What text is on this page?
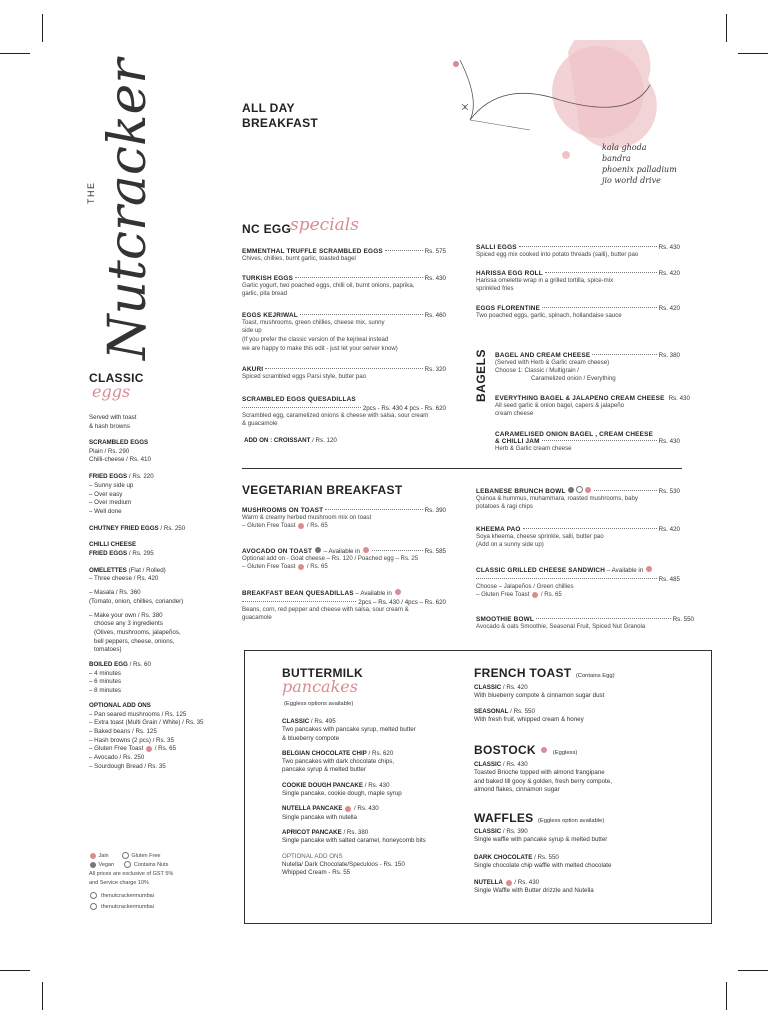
THE Nutcracker	kala ghoda
bandra
phoenix palladium
jio world drive
ALL DAY
BREAKFAST
NC EGG
specials
EMMENTHAL TRUFFLE SCRAMBLED EGGS	Rs. 575
Chives, chillies, burnt garlic, toasted bagel
TURKISH EGGS	Rs. 430
Garlic yogurt, two poached eggs, chilli oil, burnt onions, paprika, garlic, pita bread
EGGS KEJRIWAL	Rs. 460
Toast, mushrooms, green chillies, cheese mix, sunny side up
(If you prefer the classic version of the kejriwal instead
we are happy to make this edit - just let your server know)
AKURI	Rs. 320
Spiced scrambled eggs Parsi style, butter pao
SCRAMBLED EGGS QUESADILLAS
2pcs - Rs. 430 4 pcs - Rs. 620
Scrambled egg, caramelized onions & cheese with salsa, sour cream & guacamole
ADD ON : CROISSANT / Rs. 120
SALLI EGGS	Rs. 430
Spiced egg mix cooked into potato threads (salli), butter pao
HARISSA EGG ROLL	Rs. 420
Harissa omelette wrap in a grilled tortilla, spice-mix sprinkled fries
EGGS FLORENTINE	Rs. 420
Two poached eggs, garlic, spinach, hollandaise sauce
BAGELS BAGEL AND CREAM CHEESE	Rs. 380
(Served with Herb & Garlic cream cheese)
Choose 1: Classic / Multigrain /
Caramelized onion / Everything
EVERYTHING BAGEL & JALAPENO CREAM CHEESE Rs. 430
All seed garlic & onion bagel, capers & jalapeño
cream cheese
CARAMELISED ONION BAGEL , CREAM CHEESE
& CHILLI JAM	Rs. 430
Herb & Garlic cream cheese
CLASSIC
eggs
Served with toast
& hash browns
SCRAMBLED EGGS
Plain / Rs. 290
Chilli-cheese / Rs. 410
FRIED EGGS / Rs. 220
– Sunny side up
– Over easy
– Over medium
– Well done
CHUTNEY FRIED EGGS / Rs. 250
CHILLI CHEESE
FRIED EGGS / Rs. 295
OMELETTES (Flat / Rolled)
– Three cheese / Rs. 420
– Masala / Rs. 360
(Tomato, onion, chillies, coriander)
– Make your own / Rs. 380
choose any 3 ingredients
(Olives, mushrooms, jalapeños,
bell peppers, cheese, onions,
tomatoes)
BOILED EGG / Rs. 60
– 4 minutes
– 6 minutes
– 8 minutes
OPTIONAL ADD ONS
– Pan seared mushrooms / Rs. 125
– Extra toast (Multi Grain / White) / Rs. 35
– Baked beans / Rs. 125
– Hash browns (2 pcs) / Rs. 35
– Gluten Free Toast / Rs. 65
– Avocado / Rs. 250
– Sourdough Bread / Rs. 35
Jain	Gluten Free
Vegan	Contains Nuts
All prices are exclusive of GST 5%
and Service charge 10%
thenutcrackermumbai
thenutcrackermumbai
VEGETARIAN BREAKFAST
MUSHROOMS ON TOAST	Rs. 390
Warm & creamy herbed mushroom mix on toast
– Gluten Free Toast / Rs. 65
AVOCADO ON TOAST

– Available in
	Rs. 585
Optional add on - Goat cheese – Rs. 120 / Poached egg – Rs. 25
– Gluten Free Toast / Rs. 65
BREAKFAST BEAN QUESADILLAS
– Available in

2pcs – Rs. 430 / 4pcs – Rs. 620
Beans, corn, red pepper and cheese with salsa, sour cream & guacamole
LEBANESE BRUNCH BOWL
	Rs. 530
Quinoa & hummus, muhammara, roasted mushrooms, baby potatoes & ragi chips
KHEEMA PAO	Rs. 420
Soya kheema, cheese sprinkle, salli, butter pao
(Add on a sunny side up)
CLASSIC GRILLED CHEESE SANDWICH
– Available in

Rs. 485
Choose – Jalapeños / Green chillies
– Gluten Free Toast / Rs. 65
SMOOTHIE BOWL	Rs. 550
Avocado & oats Smoothie, Seasonal Fruit, Spiced Nut Granola
BUTTERMILK
pancakes
(Eggless options available)
CLASSIC / Rs. 495
Two pancakes with pancake syrup, melted butter
& blueberry compote
BELGIAN CHOCOLATE CHIP / Rs. 620
Two pancakes with dark chocolate chips,
pancake syrup & melted butter
COOKIE DOUGH PANCAKE / Rs. 430
Single pancake, cookie dough, maple syrup
NUTELLA PANCAKE / Rs. 430
Single pancake with nutella
APRICOT PANCAKE / Rs. 380
Single pancake with salted caramel, honeycomb bits
OPTIONAL ADD ONS
Nutella/ Dark Chocolate/Speculoos - Rs. 150
Whipped Cream - Rs. 55
FRENCH TOAST (Contains Egg)
CLASSIC / Rs. 420
With blueberry compote & cinnamon sugar dust
SEASONAL / Rs. 550
With fresh fruit, whipped cream & honey
BOSTOCK	(Eggless)
CLASSIC / Rs. 430
Toasted Brioche topped with almond frangipane
and baked till gooy & golden, fresh berry compote,
almond flakes, cinnamon sugar
WAFFLES (Eggless option available)
CLASSIC / Rs. 390
Single waffle with pancake syrup & melted butter
DARK CHOCOLATE / Rs. 550
Single chocolate chip waffle with melted chocolate
NUTELLA / Rs. 430
Single Waffle with Butter drizzle and Nutella
